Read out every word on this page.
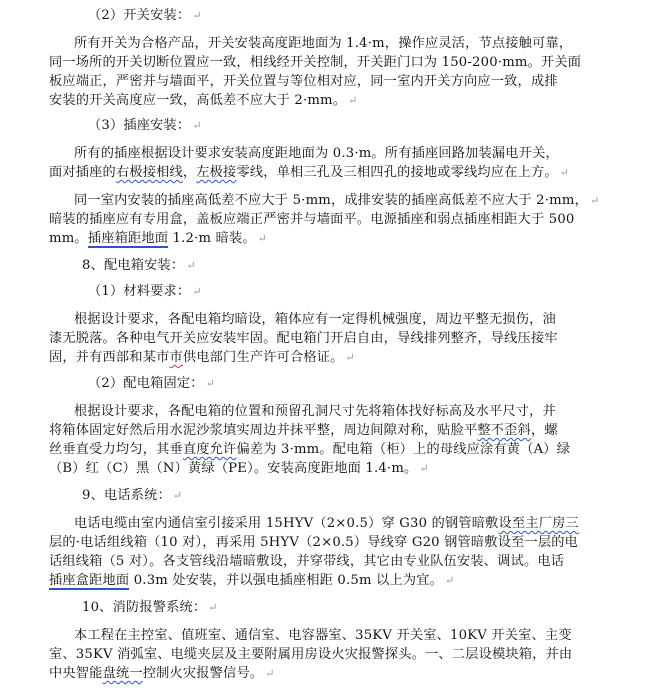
（2）开关安装： ↵
所有开关为合格产品，开关安装高度距地面为 1.4·m，操作应灵活，节点接触可靠，
同一场所的开关切断位置应一致，相线经开关控制，开关距门口为 150-200·mm。开关面
板应端正，严密并与墙面平，开关位置与等位相对应，同一室内开关方向应一致，成排
安装的开关高度应一致，高低差不应大于 2·mm。 ↵
（3）插座安装： ↵
所有的插座根据设计要求安装高度距地面为 0.3·m。所有插座回路加装漏电开关，
面对插座的右极接相线，左极接零线，单相三孔及三相四孔的接地或零线均应在上方。 ↵
同一室内安装的插座高低差不应大于 5·mm，成排安装的插座高低差不应大于 2·mm， ↵
暗装的插座应有专用盒，盖板应端正严密并与墙面平。电源插座和弱点插座相距大于 500
mm。插座箱距地面 1.2·m 暗装。 ↵
8、配电箱安装： ↵
（1）材料要求： ↵
根据设计要求，各配电箱均暗设，箱体应有一定得机械强度，周边平整无损伤，油
漆无脱落。各种电气开关应安装牢固。配电箱门开启自由，导线排列整齐，导线压接牢
固，并有西部和某市市供电部门生产许可合格证。 ↵
（2）配电箱固定： ↵
根据设计要求，各配电箱的位置和预留孔洞尺寸先将箱体找好标高及水平尺寸，并
将箱体固定好然后用水泥沙浆填实周边并抹平整，周边间隙对称，贴脸平整不歪斜，螺
丝垂直受力均匀，其垂直度允许偏差为 3·mm。配电箱（柜）上的母线应涂有黄（A）绿
（B）红（C）黑（N）黄绿（PE）。安装高度距地面 1.4·m。 ↵
9、电话系统： ↵
电话电缆由室内通信室引接采用 15HYV（2×0.5）穿 G30 的钢管暗敷设至主厂房三
层的·电话组线箱（10 对），再采用 5HYV（2×0.5）导线穿 G20 钢管暗敷设至一层的电
话组线箱（5 对）。各支管线沿墙暗敷设，并穿带线，其它由专业队伍安装、调试。电话
插座盒距地面 0.3m 处安装，并以强电插座相距 0.5m 以上为宜。 ↵
10、消防报警系统： ↵
本工程在主控室、值班室、通信室、电容器室、35KV 开关室、10KV 开关室、主变
室、35KV 消弧室、电缆夹层及主要附属用房设火灾报警探头。一、二层设模块箱，并由
中央智能盘统一控制火灾报警信号。 ↵
